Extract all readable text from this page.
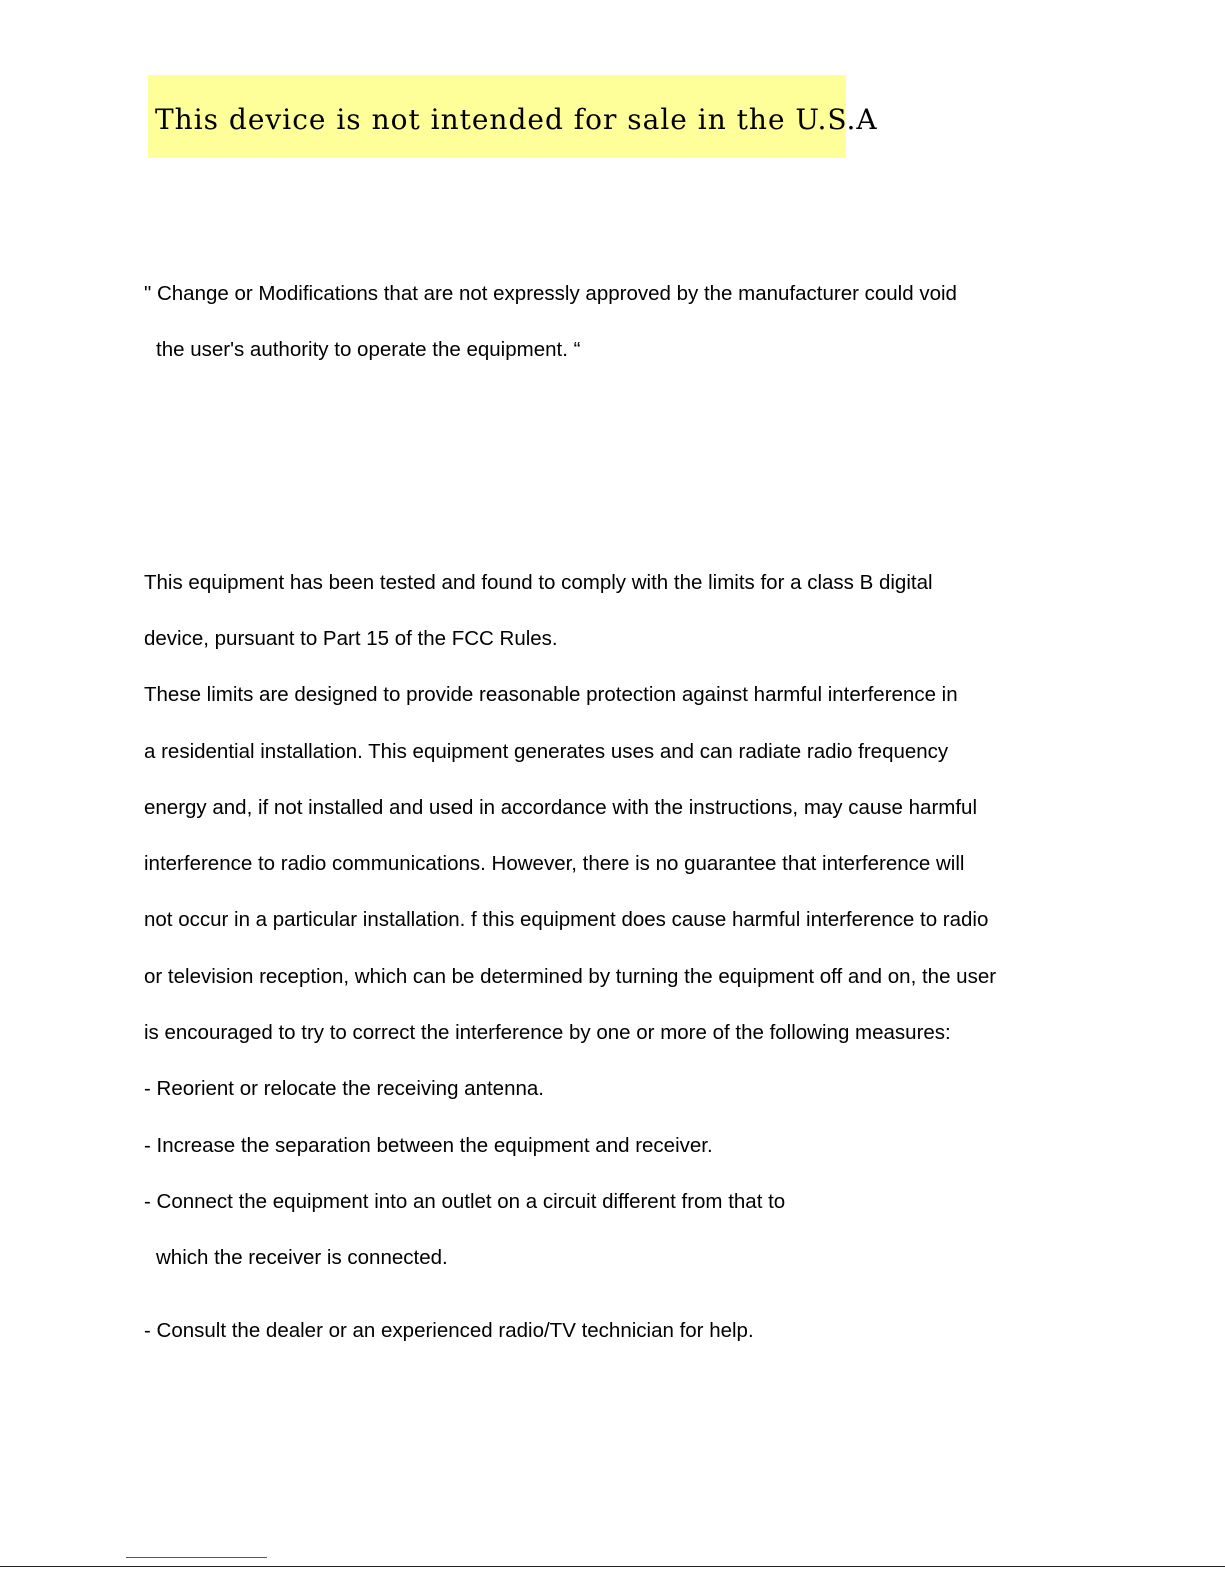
This device is not intended for sale in the U.S.A
" Change or Modifications that are not expressly approved by the manufacturer could void
the user's authority to operate the equipment. “
This equipment has been tested and found to comply with the limits for a class B digital
device, pursuant to Part 15 of the FCC Rules.
These limits are designed to provide reasonable protection against harmful interference in
a residential installation. This equipment generates uses and can radiate radio frequency
energy and, if not installed and used in accordance with the instructions, may cause harmful
interference to radio communications. However, there is no guarantee that interference will
not occur in a particular installation. f this equipment does cause harmful interference to radio
or television reception, which can be determined by turning the equipment off and on, the user
is encouraged to try to correct the interference by one or more of the following measures:
- Reorient or relocate the receiving antenna.
- Increase the separation between the equipment and receiver.
- Connect the equipment into an outlet on a circuit different from that to
which the receiver is connected.
- Consult the dealer or an experienced radio/TV technician for help.
